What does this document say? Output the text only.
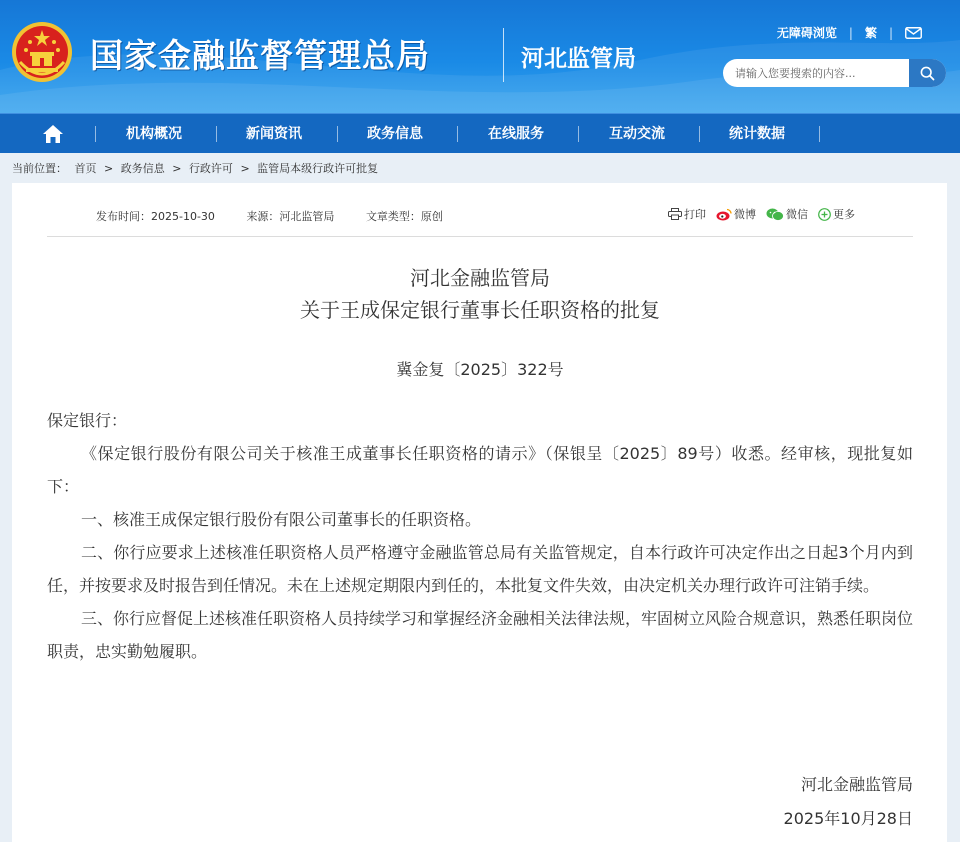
国家金融监督管理总局	河北监管局
无障碍浏览 | 繁 |
请输入您要搜索的内容...
机构概况	新闻资讯	政务信息	在线服务	互动交流	统计数据
当前位置： 首页 > 政务信息 > 行政许可 > 监管局本级行政许可批复
发布时间：2025-10-30	来源：河北监管局	文章类型：原创	打印	微博	微信 更多
河北金融监管局
关于王成保定银行董事长任职资格的批复
冀金复〔2025〕322号

保定银行：

《保定银行股份有限公司关于核准王成董事长任职资格的请示》（保银呈〔2025〕89号）收悉。经审核，现批复如下：

一、核准王成保定银行股份有限公司董事长的任职资格。

二、你行应要求上述核准任职资格人员严格遵守金融监管总局有关监管规定，自本行政许可决定作出之日起3个月内到任，并按要求及时报告到任情况。未在上述规定期限内到任的，本批复文件失效，由决定机关办理行政许可注销手续。

三、你行应督促上述核准任职资格人员持续学习和掌握经济金融相关法律法规，牢固树立风险合规意识，熟悉任职岗位职责，忠实勤勉履职。

河北金融监管局
2025年10月28日
